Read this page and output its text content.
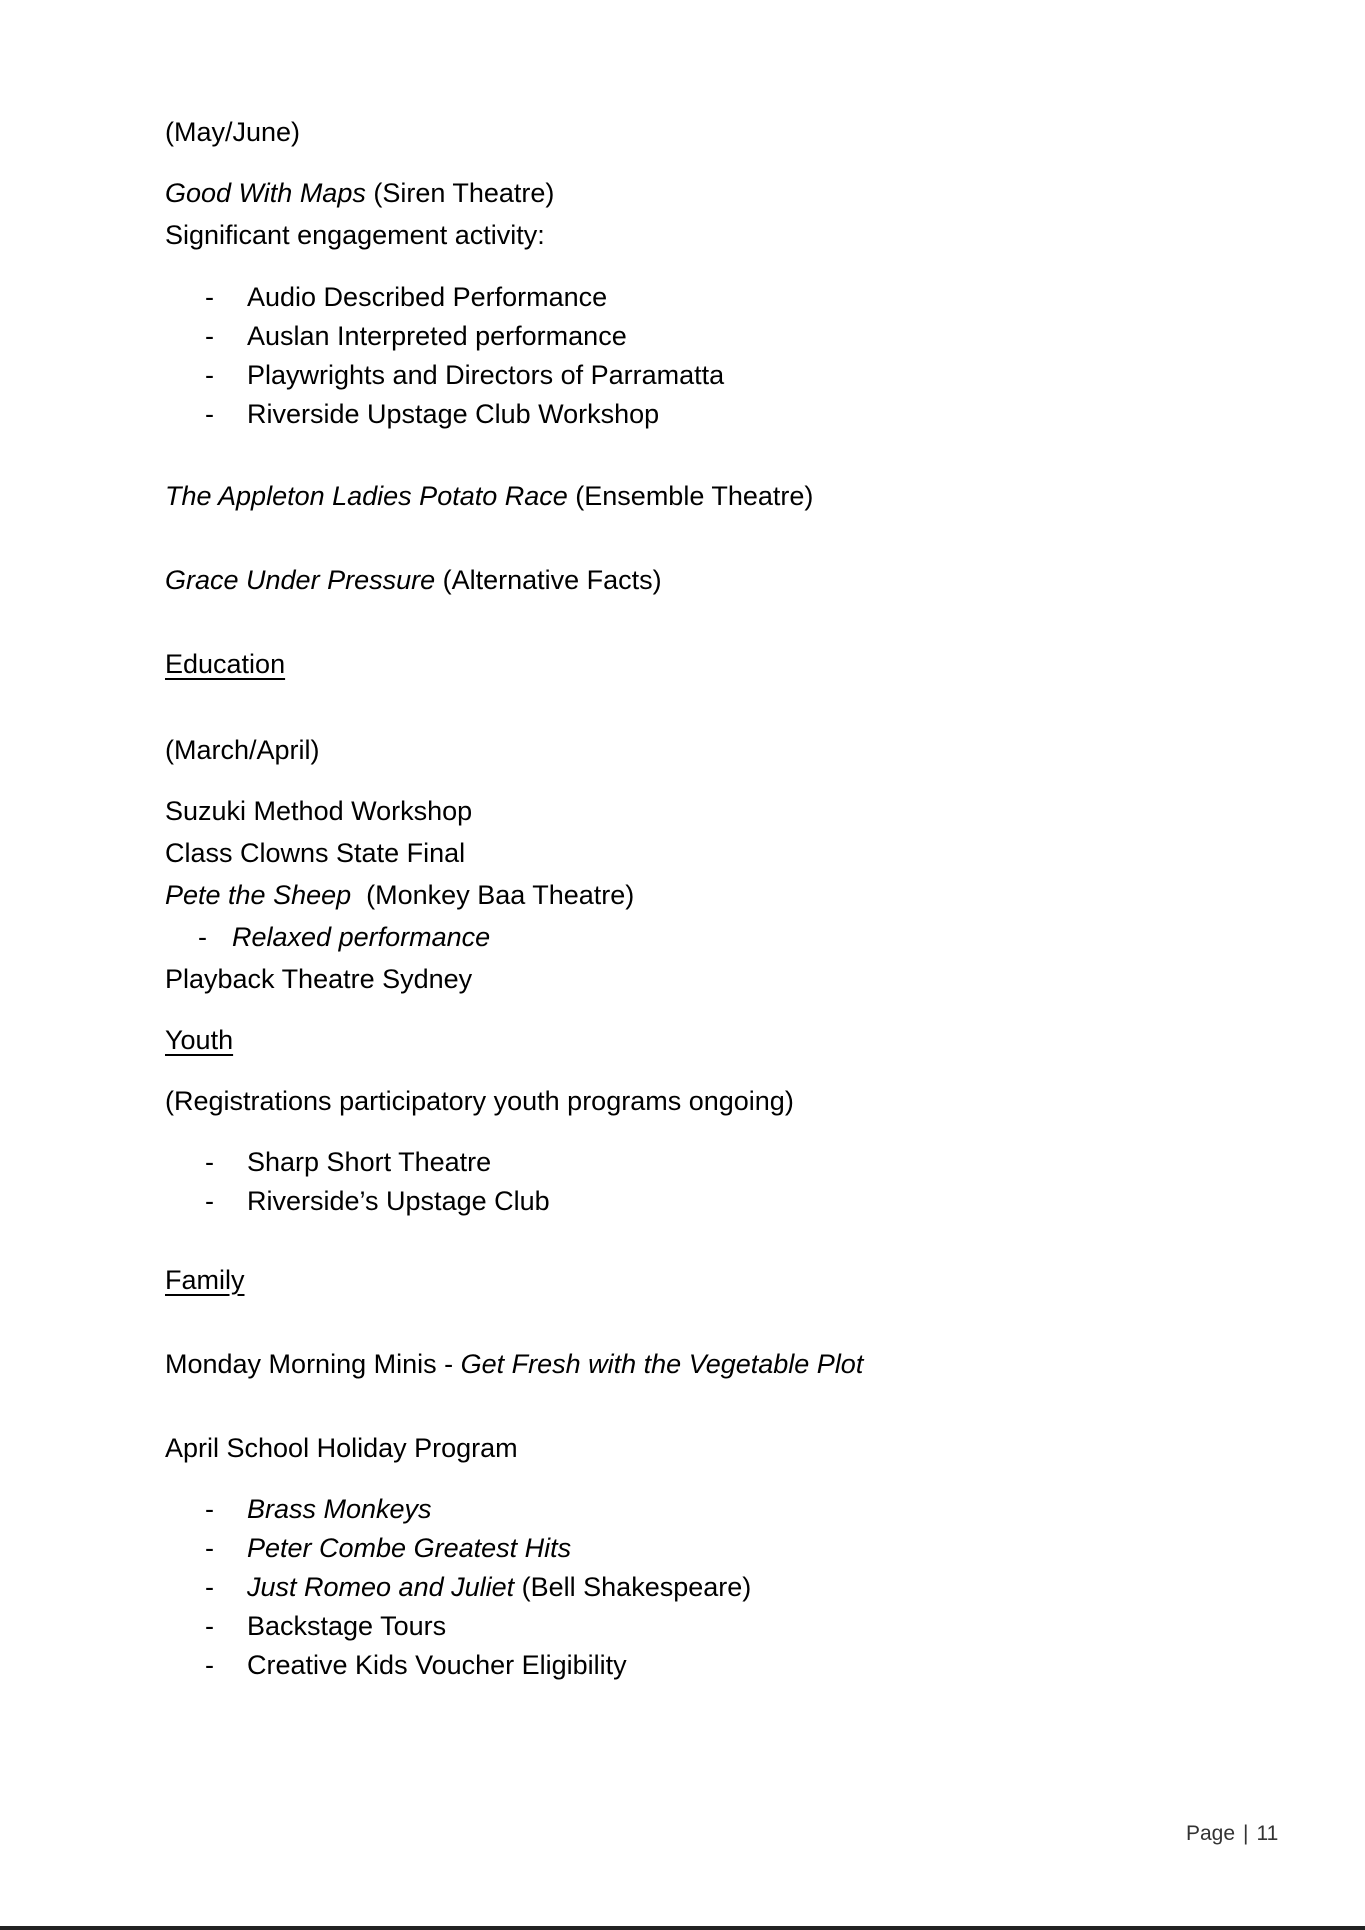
(May/June)
Good With Maps (Siren Theatre)
Significant engagement activity:
- Audio Described Performance
- Auslan Interpreted performance
- Playwrights and Directors of Parramatta
- Riverside Upstage Club Workshop
The Appleton Ladies Potato Race (Ensemble Theatre)
Grace Under Pressure (Alternative Facts)
Education
(March/April)
Suzuki Method Workshop
Class Clowns State Final
Pete the Sheep  (Monkey Baa Theatre)
- Relaxed performance
Playback Theatre Sydney
Youth
(Registrations participatory youth programs ongoing)
- Sharp Short Theatre
- Riverside’s Upstage Club
Family
Monday Morning Minis - Get Fresh with the Vegetable Plot
April School Holiday Program
- Brass Monkeys
- Peter Combe Greatest Hits
- Just Romeo and Juliet (Bell Shakespeare)
- Backstage Tours
- Creative Kids Voucher Eligibility
Page | 11
